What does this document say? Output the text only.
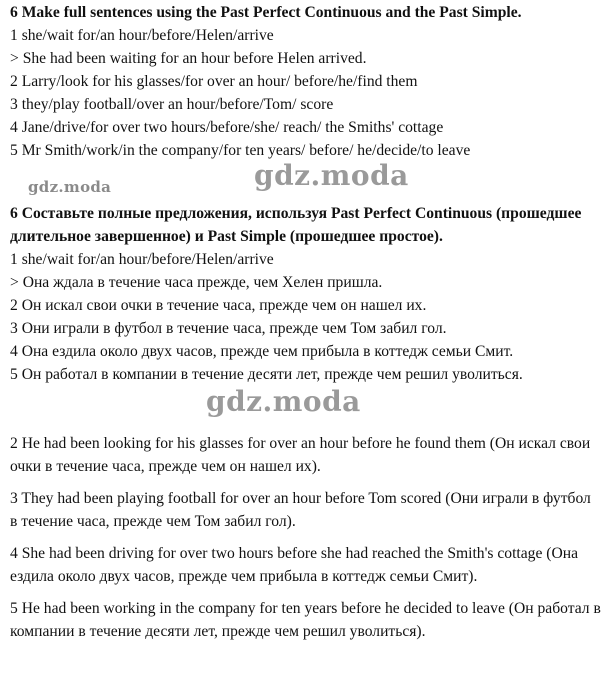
6 Make full sentences using the Past Perfect Continuous and the Past Simple.
1 she/wait for/an hour/before/Helen/arrive
> She had been waiting for an hour before Helen arrived.
2 Larry/look for his glasses/for over an hour/ before/he/find them
3 they/play football/over an hour/before/Tom/ score
4 Jane/drive/for over two hours/before/she/ reach/ the Smiths' cottage
5 Mr Smith/work/in the company/for ten years/ before/ he/decide/to leave
gdz.moda	gdz.moda
6 Составьте полные предложения, используя Past Perfect Continuous (прошедшее длительное завершенное) и Past Simple (прошедшее простое).
1 she/wait for/an hour/before/Helen/arrive
> Она ждала в течение часа прежде, чем Хелен пришла.
2 Он искал свои очки в течение часа, прежде чем он нашел их.
3 Они играли в футбол в течение часа, прежде чем Том забил гол.
4 Она ездила около двух часов, прежде чем прибыла в коттедж семьи Смит.
5 Он работал в компании в течение десяти лет, прежде чем решил уволиться.
gdz.moda
2 He had been looking for his glasses for over an hour before he found them (Он искал свои очки в течение часа, прежде чем он нашел их).
3 They had been playing football for over an hour before Tom scored (Они играли в футбол в течение часа, прежде чем Том забил гол).
4 She had been driving for over two hours before she had reached the Smith's cottage (Она ездила около двух часов, прежде чем прибыла в коттедж семьи Смит).
5 He had been working in the company for ten years before he decided to leave (Он работал в компании в течение десяти лет, прежде чем решил уволиться).
